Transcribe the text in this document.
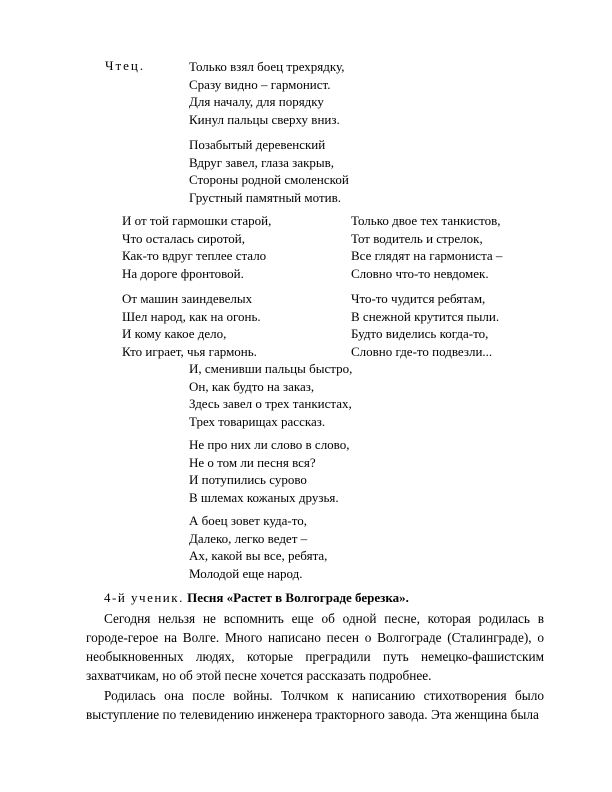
Чтец.	Только взял боец трехрядку,
Сразу видно – гармонист.
Для началу, для порядку
Кинул пальцы сверху вниз.
Позабытый деревенский
Вдруг завел, глаза закрыв,
Стороны родной смоленской
Грустный памятный мотив.
И от той гармошки старой,
Что осталась сиротой,
Как-то вдруг теплее стало
На дороге фронтовой.
Только двое тех танкистов,
Тот водитель и стрелок,
Все глядят на гармониста –
Словно что-то невдомек.
От машин заиндевелых
Шел народ, как на огонь.
И кому какое дело,
Кто играет, чья гармонь.
Что-то чудится ребятам,
В снежной крутится пыли.
Будто виделись когда-то,
Словно где-то подвезли...
И, сменивши пальцы быстро,
Он, как будто на заказ,
Здесь завел о трех танкистах,
Трех товарищах рассказ.
Не про них ли слово в слово,
Не о том ли песня вся?
И потупились сурово
В шлемах кожаных друзья.
А боец зовет куда-то,
Далеко, легко ведет –
Ах, какой вы все, ребята,
Молодой еще народ.
4-й ученик. Песня «Растет в Волгограде березка».
Сегодня нельзя не вспомнить еще об одной песне, которая родилась в городе-герое на Волге. Много написано песен о Волгограде (Сталинграде), о необыкновенных людях, которые преградили путь немецко-фашистским захватчикам, но об этой песне хочется рассказать подробнее.
Родилась она после войны. Толчком к написанию стихотворения было выступление по телевидению инженера тракторного завода. Эта женщина была
